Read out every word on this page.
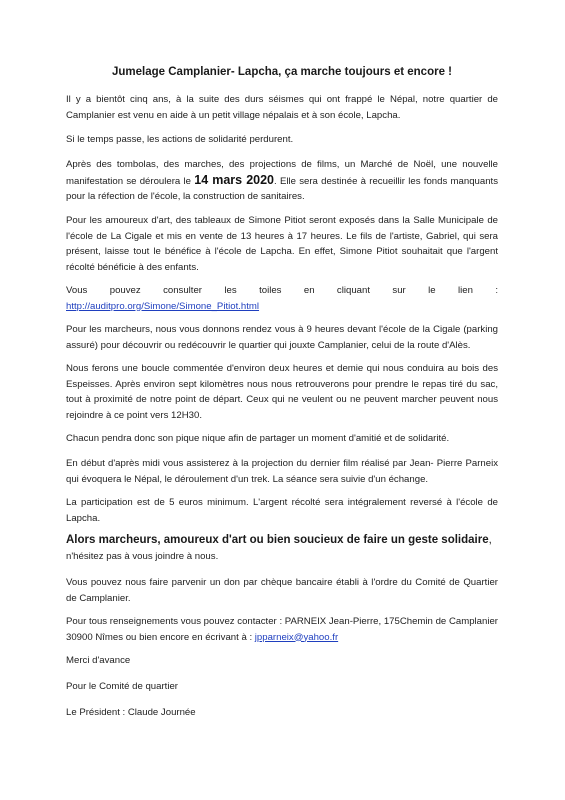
Jumelage Camplanier- Lapcha, ça marche toujours et encore !

Il y a bientôt cinq ans, à la suite des durs séismes qui ont frappé le Népal, notre quartier de Camplanier est venu en aide à un petit village népalais et à son école, Lapcha.

Si le temps passe, les actions de solidarité perdurent.

Après des tombolas, des marches, des projections de films, un Marché de Noël, une nouvelle manifestation se déroulera le 14 mars 2020. Elle sera destinée à recueillir les fonds manquants pour la réfection de l'école, la construction de sanitaires.

Pour les amoureux d'art, des tableaux de Simone Pitiot seront exposés dans la Salle Municipale de l'école de La Cigale et mis en vente de 13 heures à 17 heures. Le fils de l'artiste, Gabriel, qui sera présent, laisse tout le bénéfice à l'école de Lapcha. En effet, Simone Pitiot souhaitait que l'argent récolté bénéficie à des enfants.

Vous pouvez consulter les toiles en cliquant sur le lien :
http://auditpro.org/Simone/Simone_Pitiot.html

Pour les marcheurs, nous vous donnons rendez vous à 9 heures devant l'école de la Cigale (parking assuré) pour découvrir ou redécouvrir le quartier qui jouxte Camplanier, celui de la route d'Alès.

Nous ferons une boucle commentée d'environ deux heures et demie qui nous conduira au bois des Espeisses. Après environ sept kilomètres nous nous retrouverons pour prendre le repas tiré du sac, tout à proximité de notre point de départ. Ceux qui ne veulent ou ne peuvent marcher peuvent nous rejoindre à ce point vers 12H30.

Chacun pendra donc son pique nique afin de partager un moment d'amitié et de solidarité.

En début d'après midi vous assisterez à la projection du dernier film réalisé par Jean- Pierre Parneix qui évoquera le Népal, le déroulement d'un trek. La séance sera suivie d'un échange.

La participation est de 5 euros minimum. L'argent récolté sera intégralement reversé à l'école de Lapcha.

Alors marcheurs, amoureux d'art ou bien soucieux de faire un geste solidaire,
n'hésitez pas à vous joindre à nous.

Vous pouvez nous faire parvenir un don par chèque bancaire établi à l'ordre du Comité de Quartier de Camplanier.

Pour tous renseignements vous pouvez contacter : PARNEIX Jean-Pierre, 175Chemin de Camplanier 30900 Nîmes ou bien encore en écrivant à : jpparneix@yahoo.fr

Merci d'avance

Pour le Comité de quartier

Le Président : Claude Journée
